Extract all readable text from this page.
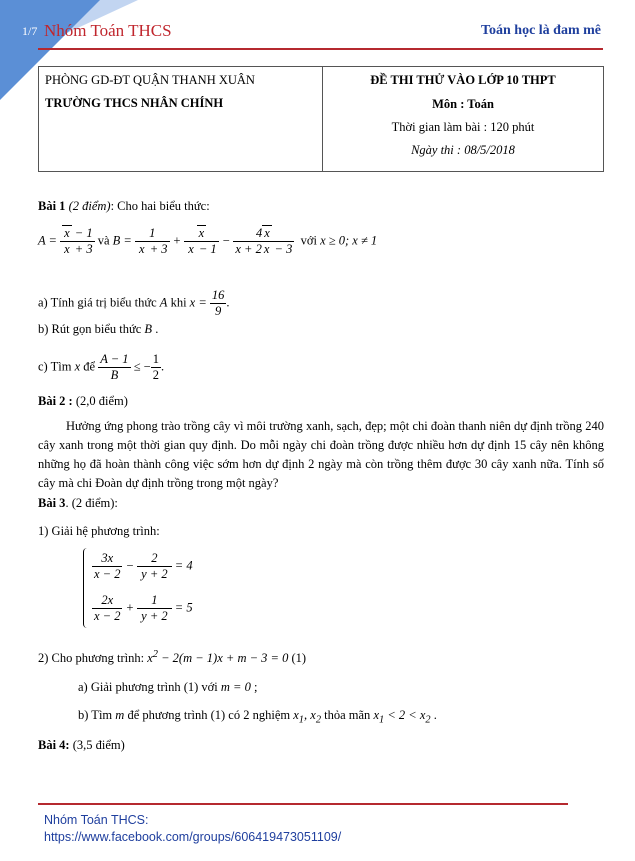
1/7 Nhóm Toán THCS	Toán học là đam mê
PHÒNG GD-ĐT QUẬN THANH XUÂN
TRƯỜNG THCS NHÂN CHÍNH

ĐỀ THI THỬ VÀO LỚP 10 THPT
Môn : Toán
Thời gian làm bài : 120 phút
Ngày thi : 08/5/2018
Bài 1 (2 điểm): Cho hai biểu thức:
$A = \frac{x - 1}{x + 3}$ và $B = \frac{1}{x + 3} + \frac{x}{x - 1} - \frac{4 x}{x + 2 x - 3}$ với x ≥ 0; x ≠ 1
a) Tính giá trị biểu thức A khi $x = \frac{16}{9}$ .
b) Rút gọn biểu thức B .
c) Tìm x để $\frac{A - 1}{B}$ ≤ − $\frac{1}{2}$ .
Bài 2 : (2,0 điểm)
Hưởng ứng phong trào trồng cây vì môi trường xanh, sạch, đẹp; một chi đoàn thanh niên dự định trồng 240 cây xanh trong một thời gian quy định. Do mỗi ngày chi đoàn trồng được nhiều hơn dự định 15 cây nên không những họ đã hoàn thành công việc sớm hơn dự định 2 ngày mà còn trồng thêm được 30 cây xanh nữa. Tính số cây mà chi Đoàn dự định trồng trong một ngày?
Bài 3. (2 điểm):
1) Giải hệ phương trình:
$\frac{3x}{x - 2} - \frac{2}{y + 2} = 4$
$\frac{2x}{x - 2} + \frac{1}{y + 2} = 5$
2) Cho phương trình: $x^2 - 2(m - 1)x + m - 3 = 0$ (1)
a) Giải phương trình (1) với m = 0 ;
b) Tìm m để phương trình (1) có 2 nghiệm $x_1$, $x_2$ thỏa mãn $x_1 < 2 < x_2$ .
Bài 4: (3,5 điểm)
Nhóm Toán THCS:
https://www.facebook.com/groups/606419473051109/
